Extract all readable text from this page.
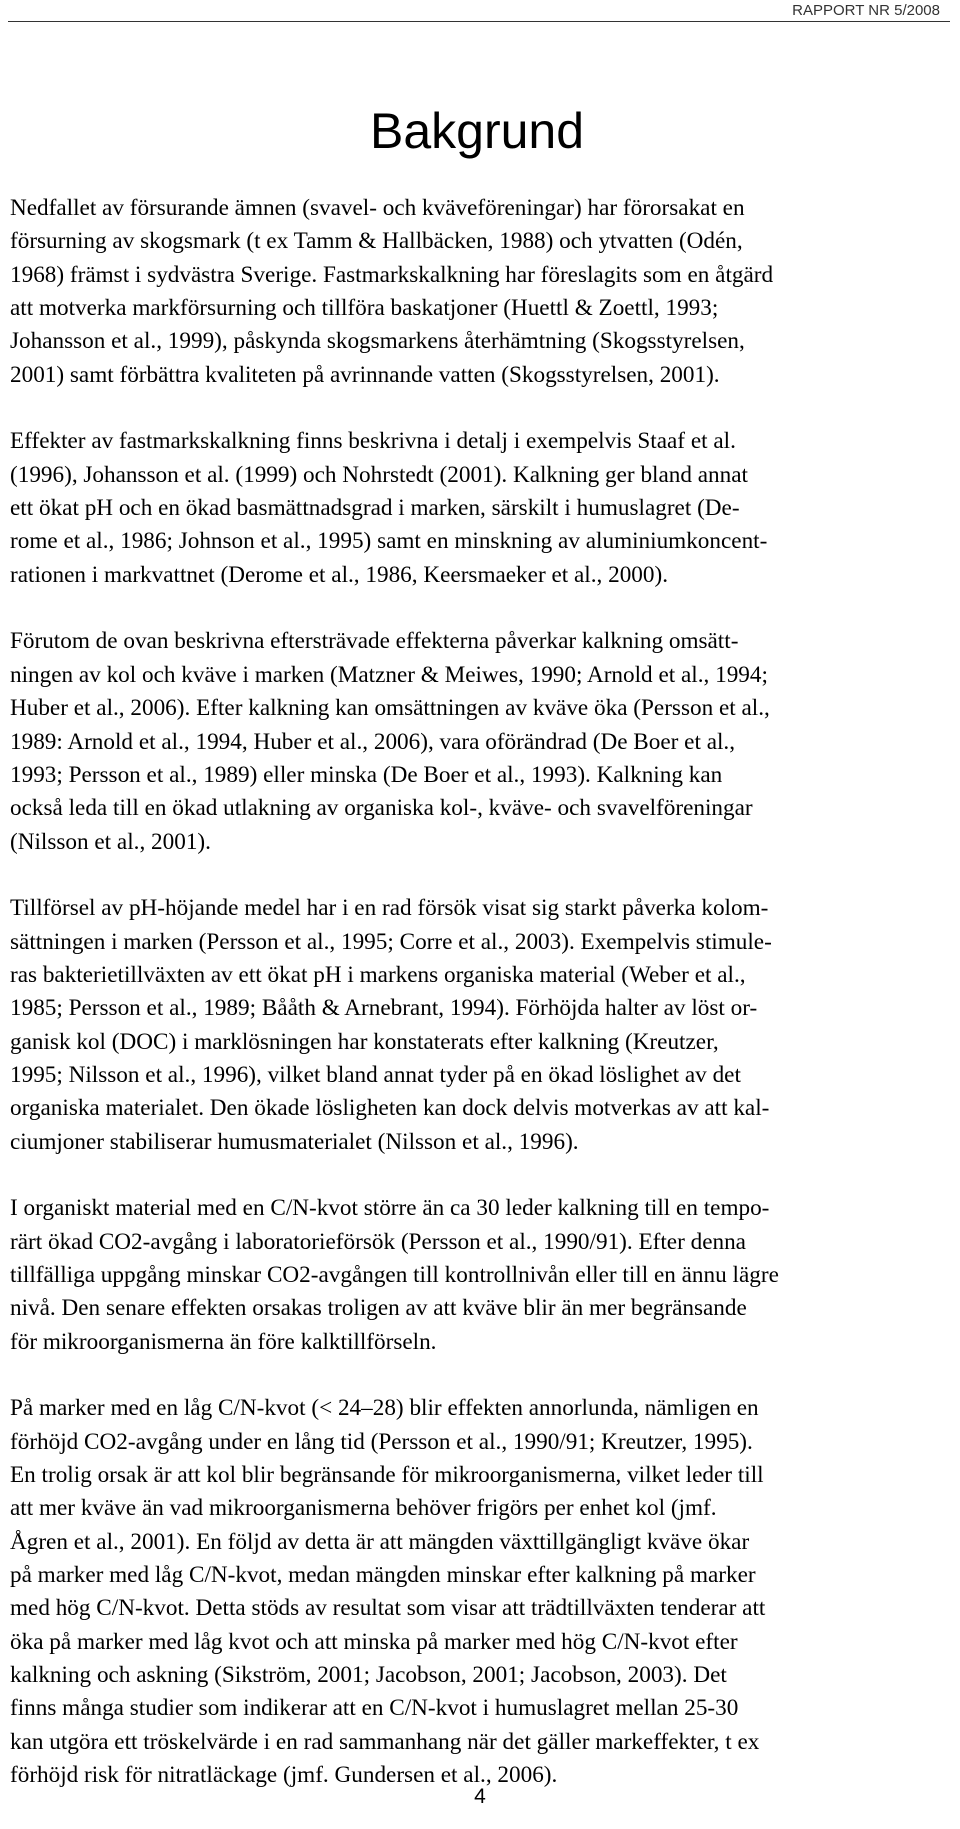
RAPPORT NR 5/2008
Bakgrund

Nedfallet av försurande ämnen (svavel- och kväveföreningar) har förorsakat en
försurning av skogsmark (t ex Tamm & Hallbäcken, 1988) och ytvatten (Odén,
1968) främst i sydvästra Sverige. Fastmarkskalkning har föreslagits som en åtgärd
att motverka markförsurning och tillföra baskatjoner (Huettl & Zoettl, 1993;
Johansson et al., 1999), påskynda skogsmarkens återhämtning (Skogsstyrelsen,
2001) samt förbättra kvaliteten på avrinnande vatten (Skogsstyrelsen, 2001).

Effekter av fastmarkskalkning finns beskrivna i detalj i exempelvis Staaf et al.
(1996), Johansson et al. (1999) och Nohrstedt (2001). Kalkning ger bland annat
ett ökat pH och en ökad basmättnadsgrad i marken, särskilt i humuslagret (De-
rome et al., 1986; Johnson et al., 1995) samt en minskning av aluminiumkoncent-
rationen i markvattnet (Derome et al., 1986, Keersmaeker et al., 2000).

Förutom de ovan beskrivna eftersträvade effekterna påverkar kalkning omsätt-
ningen av kol och kväve i marken (Matzner & Meiwes, 1990; Arnold et al., 1994;
Huber et al., 2006). Efter kalkning kan omsättningen av kväve öka (Persson et al.,
1989: Arnold et al., 1994, Huber et al., 2006), vara oförändrad (De Boer et al.,
1993; Persson et al., 1989) eller minska (De Boer et al., 1993). Kalkning kan
också leda till en ökad utlakning av organiska kol-, kväve- och svavelföreningar
(Nilsson et al., 2001).

Tillförsel av pH-höjande medel har i en rad försök visat sig starkt påverka kolom-
sättningen i marken (Persson et al., 1995; Corre et al., 2003). Exempelvis stimule-
ras bakterietillväxten av ett ökat pH i markens organiska material (Weber et al.,
1985; Persson et al., 1989; Bååth & Arnebrant, 1994). Förhöjda halter av löst or-
ganisk kol (DOC) i marklösningen har konstaterats efter kalkning (Kreutzer,
1995; Nilsson et al., 1996), vilket bland annat tyder på en ökad löslighet av det
organiska materialet. Den ökade lösligheten kan dock delvis motverkas av att kal-
ciumjoner stabiliserar humusmaterialet (Nilsson et al., 1996).

I organiskt material med en C/N-kvot större än ca 30 leder kalkning till en tempo-
rärt ökad CO2-avgång i laboratorieförsök (Persson et al., 1990/91). Efter denna
tillfälliga uppgång minskar CO2-avgången till kontrollnivån eller till en ännu lägre
nivå. Den senare effekten orsakas troligen av att kväve blir än mer begränsande
för mikroorganismerna än före kalktillförseln.

På marker med en låg C/N-kvot (< 24–28) blir effekten annorlunda, nämligen en
förhöjd CO2-avgång under en lång tid (Persson et al., 1990/91; Kreutzer, 1995).
En trolig orsak är att kol blir begränsande för mikroorganismerna, vilket leder till
att mer kväve än vad mikroorganismerna behöver frigörs per enhet kol (jmf.
Ågren et al., 2001). En följd av detta är att mängden växttillgängligt kväve ökar
på marker med låg C/N-kvot, medan mängden minskar efter kalkning på marker
med hög C/N-kvot. Detta stöds av resultat som visar att trädtillväxten tenderar att
öka på marker med låg kvot och att minska på marker med hög C/N-kvot efter
kalkning och askning (Sikström, 2001; Jacobson, 2001; Jacobson, 2003). Det
finns många studier som indikerar att en C/N-kvot i humuslagret mellan 25-30
kan utgöra ett tröskelvärde i en rad sammanhang när det gäller markeffekter, t ex
förhöjd risk för nitratläckage (jmf. Gundersen et al., 2006).

4
